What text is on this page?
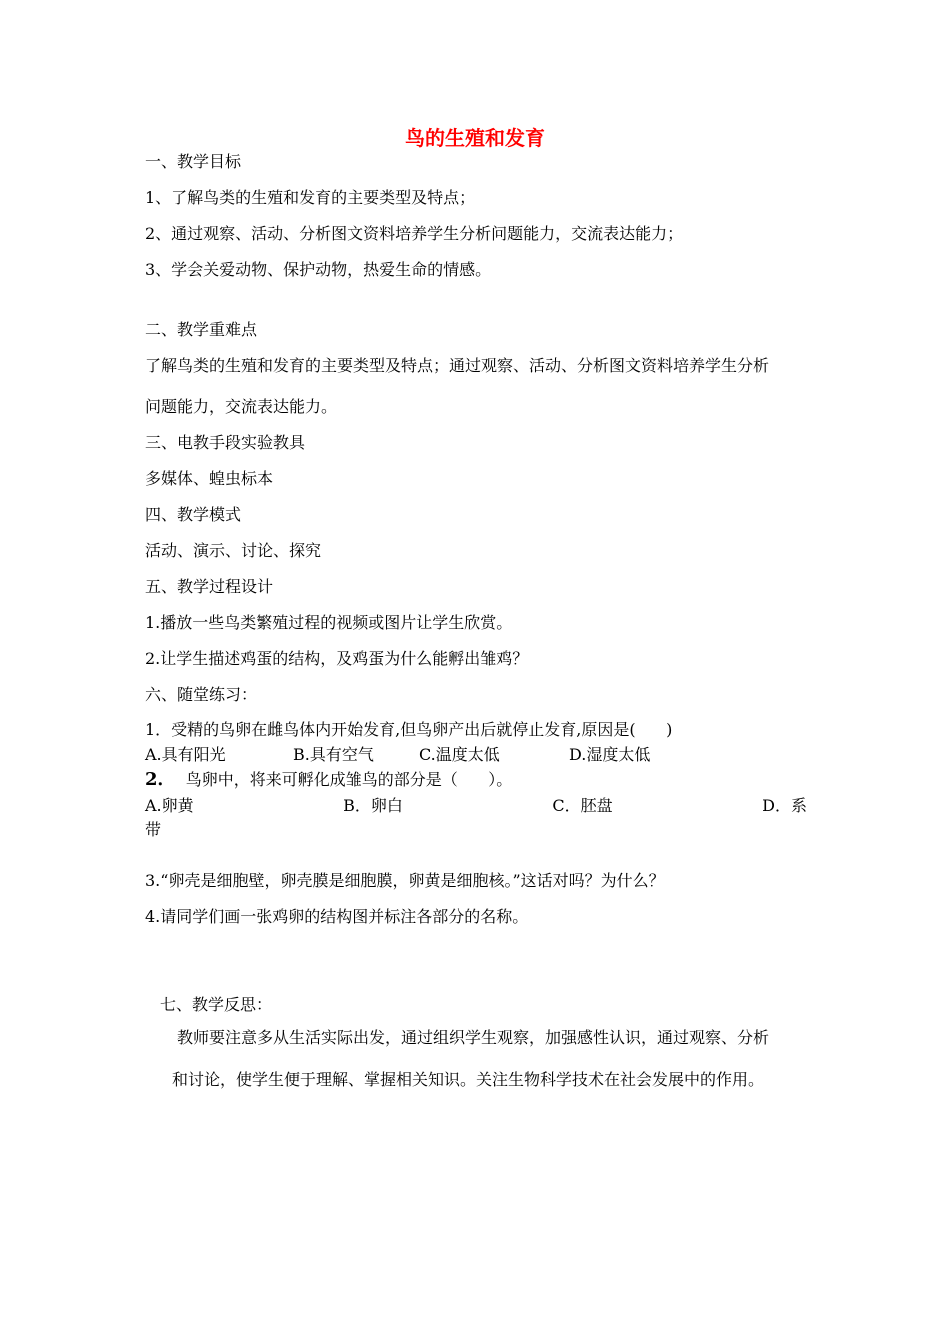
鸟的生殖和发育
一、教学目标
1、了解鸟类的生殖和发育的主要类型及特点；
2、通过观察、活动、分析图文资料培养学生分析问题能力，交流表达能力；
3、学会关爱动物、保护动物，热爱生命的情感。
二、教学重难点
了解鸟类的生殖和发育的主要类型及特点；通过观察、活动、分析图文资料培养学生分析
问题能力，交流表达能力。
三、电教手段实验教具
多媒体、蝗虫标本
四、教学模式
活动、演示、讨论、探究
五、教学过程设计
1.播放一些鸟类繁殖过程的视频或图片让学生欣赏。
2.让学生描述鸡蛋的结构，及鸡蛋为什么能孵出雏鸡？
六、随堂练习：
1．受精的鸟卵在雌鸟体内开始发育,但鸟卵产出后就停止发育,原因是(      )
A.具有阳光	B.具有空气	C.温度太低	D.湿度太低
2．  鸟卵中，将来可孵化成雏鸟的部分是（      ）。
A.卵黄	B．卵白	C．胚盘	D．系
带
3.“卵壳是细胞壁，卵壳膜是细胞膜，卵黄是细胞核。”这话对吗？为什么？
4.请同学们画一张鸡卵的结构图并标注各部分的名称。
七、教学反思：
教师要注意多从生活实际出发，通过组织学生观察，加强感性认识，通过观察、分析
和讨论，使学生便于理解、掌握相关知识。关注生物科学技术在社会发展中的作用。
